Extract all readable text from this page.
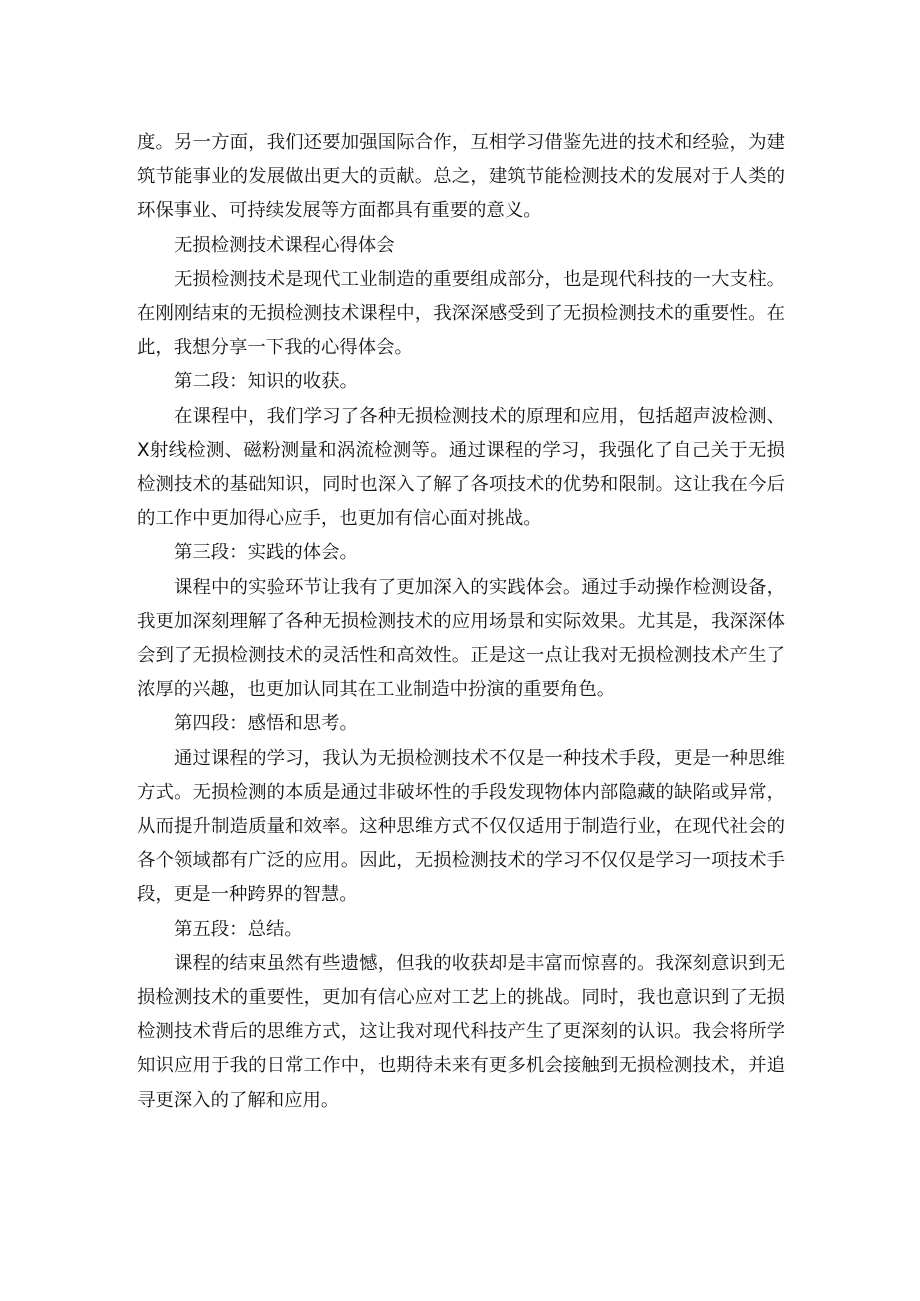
度。另一方面，我们还要加强国际合作，互相学习借鉴先进的技术和经验，为建筑节能事业的发展做出更大的贡献。总之，建筑节能检测技术的发展对于人类的环保事业、可持续发展等方面都具有重要的意义。

无损检测技术课程心得体会

无损检测技术是现代工业制造的重要组成部分，也是现代科技的一大支柱。在刚刚结束的无损检测技术课程中，我深深感受到了无损检测技术的重要性。在此，我想分享一下我的心得体会。

第二段：知识的收获。

在课程中，我们学习了各种无损检测技术的原理和应用，包括超声波检测、X射线检测、磁粉测量和涡流检测等。通过课程的学习，我强化了自己关于无损检测技术的基础知识，同时也深入了解了各项技术的优势和限制。这让我在今后的工作中更加得心应手，也更加有信心面对挑战。

第三段：实践的体会。

课程中的实验环节让我有了更加深入的实践体会。通过手动操作检测设备，我更加深刻理解了各种无损检测技术的应用场景和实际效果。尤其是，我深深体会到了无损检测技术的灵活性和高效性。正是这一点让我对无损检测技术产生了浓厚的兴趣，也更加认同其在工业制造中扮演的重要角色。

第四段：感悟和思考。

通过课程的学习，我认为无损检测技术不仅是一种技术手段，更是一种思维方式。无损检测的本质是通过非破坏性的手段发现物体内部隐藏的缺陷或异常，从而提升制造质量和效率。这种思维方式不仅仅适用于制造行业，在现代社会的各个领域都有广泛的应用。因此，无损检测技术的学习不仅仅是学习一项技术手段，更是一种跨界的智慧。

第五段：总结。

课程的结束虽然有些遗憾，但我的收获却是丰富而惊喜的。我深刻意识到无损检测技术的重要性，更加有信心应对工艺上的挑战。同时，我也意识到了无损检测技术背后的思维方式，这让我对现代科技产生了更深刻的认识。我会将所学知识应用于我的日常工作中，也期待未来有更多机会接触到无损检测技术，并追寻更深入的了解和应用。
